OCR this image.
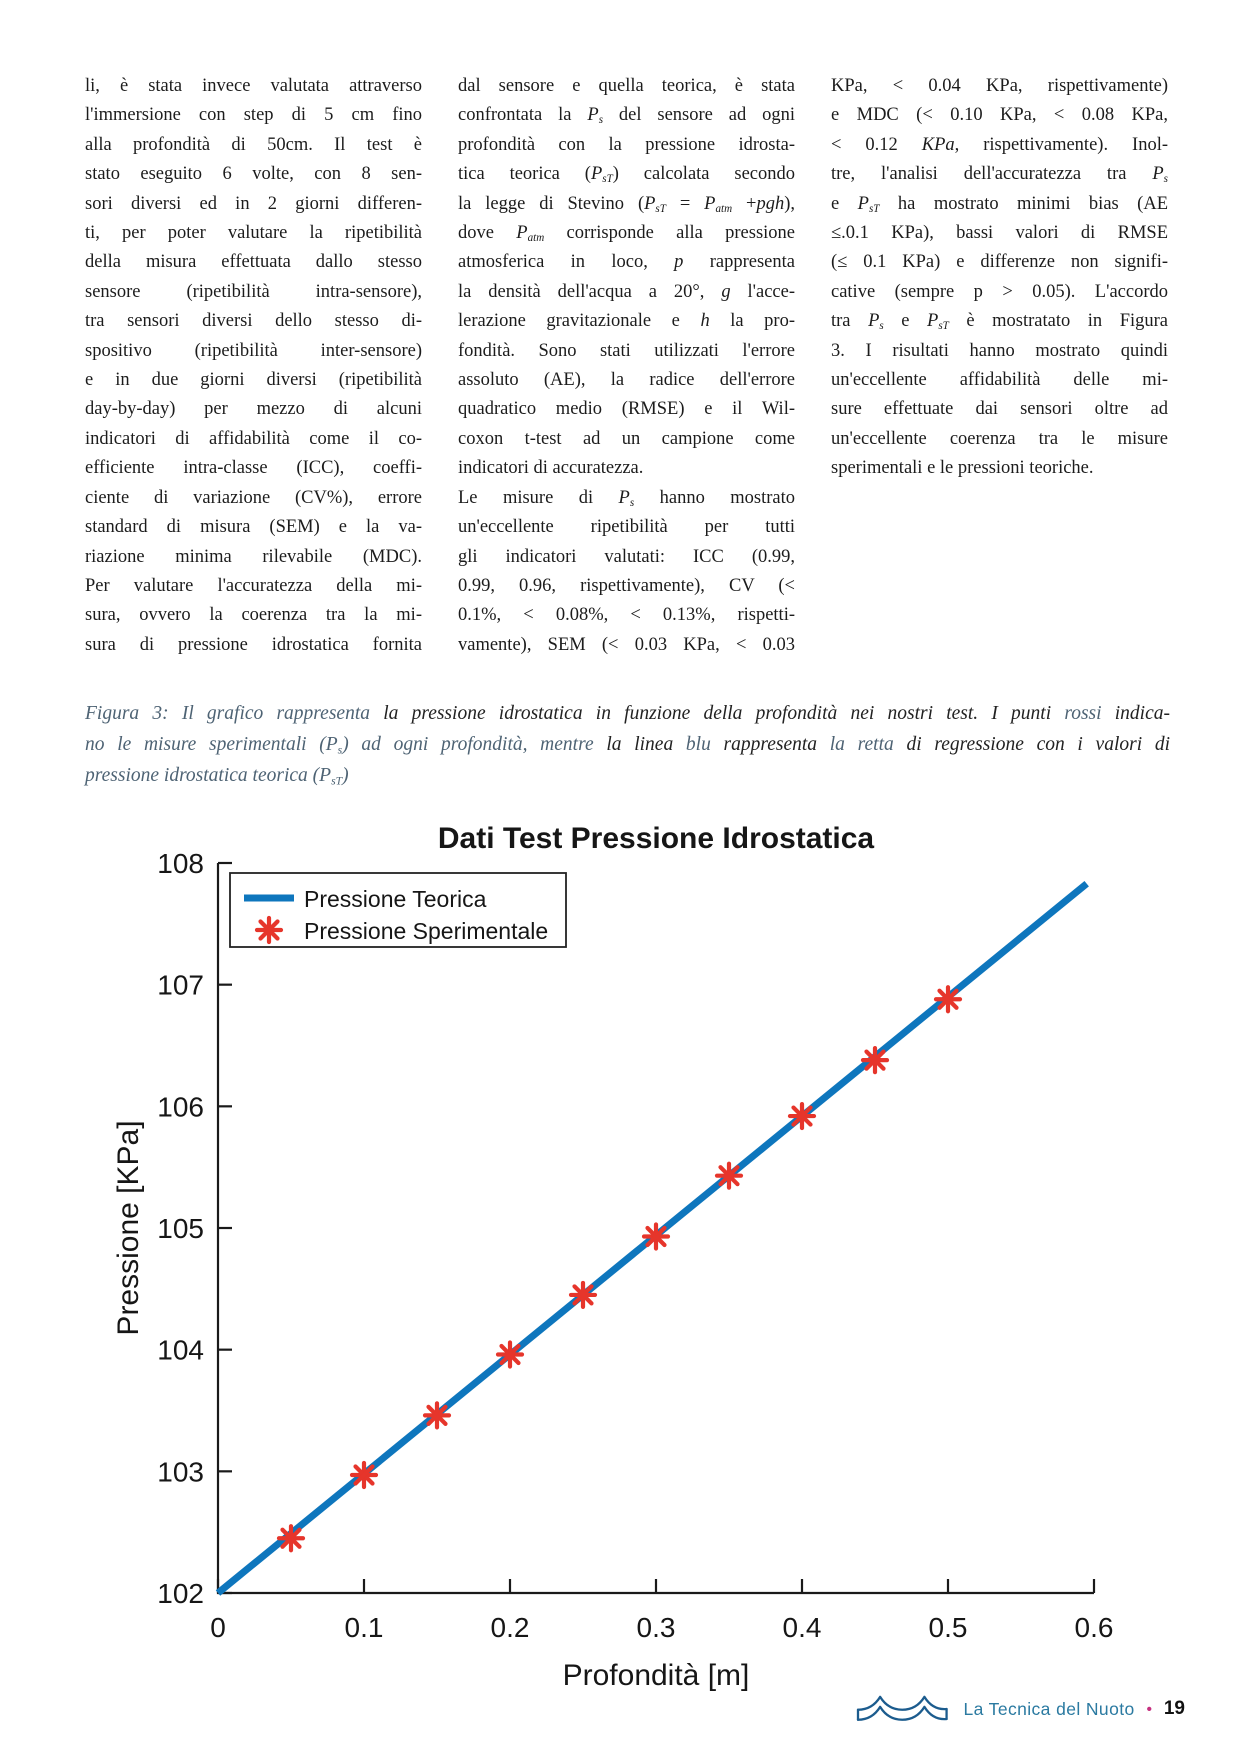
li, è stata invece valutata attraverso
l'immersione con step di 5 cm fino
alla profondità di 50cm. Il test è
stato eseguito 6 volte, con 8 sen-
sori diversi ed in 2 giorni differen-
ti, per poter valutare la ripetibilità
della misura effettuata dallo stesso
sensore (ripetibilità intra-sensore),
tra sensori diversi dello stesso di-
spositivo (ripetibilità inter-sensore)
e in due giorni diversi (ripetibilità
day-by-day) per mezzo di alcuni
indicatori di affidabilità come il co-
efficiente intra-classe (ICC), coeffi-
ciente di variazione (CV%), errore
standard di misura (SEM) e la va-
riazione minima rilevabile (MDC).
Per valutare l'accuratezza della mi-
sura, ovvero la coerenza tra la mi-
sura di pressione idrostatica fornita
dal sensore e quella teorica, è stata
confrontata la $P_s$ del sensore ad ogni
profondità con la pressione idrosta-
tica teorica $(P_{sT})$ calcolata secondo
la legge di Stevino $(P_{sT} = P_{atm} +pgh)$,
dove $P_{atm}$ corrisponde alla pressione
atmosferica in loco, p rappresenta
la densità dell'acqua a 20°, g l'acce-
lerazione gravitazionale e h la pro-
fondità. Sono stati utilizzati l'errore
assoluto (AE), la radice dell'errore
quadratico medio (RMSE) e il Wil-
coxon t-test ad un campione come
indicatori di accuratezza.
Le misure di $P_s$ hanno mostrato
un'eccellente ripetibilità per tutti
gli indicatori valutati: ICC (0.99,
0.99, 0.96, rispettivamente), CV (<
0.1%, < 0.08%, < 0.13%, rispetti-
vamente), SEM (< 0.03 KPa, < 0.03
KPa, < 0.04 KPa, rispettivamente)
e MDC (< 0.10 KPa, < 0.08 KPa,
< 0.12 KPa, rispettivamente). Inol-
tre, l'analisi dell'accuratezza tra $P_s$
e $P_{sT}$ ha mostrato minimi bias (AE
≤.0.1 KPa), bassi valori di RMSE
(≤ 0.1 KPa) e differenze non signifi-
cative (sempre p > 0.05). L'accordo
tra $P_s$ e $P_{sT}$ è mostratato in Figura
3. I risultati hanno mostrato quindi
un'eccellente affidabilità delle mi-
sure effettuate dai sensori oltre ad
un'eccellente coerenza tra le misure
sperimentali e le pressioni teoriche.
Figura 3: Il grafico rappresenta la pressione idrostatica in funzione della profondità nei nostri test. I punti rossi indica-
no le misure sperimentali $(P_s)$ ad ogni profondità, mentre la linea blu rappresenta la retta di regressione con i valori di
pressione idrostatica teorica $(P_{sT})$
Dati Test Pressione Idrostatica
102
103
104
105
106
107
108
0	0.1	0.2	0.3	0.4	0.5	0.6
Profondità [m]
Pressione [KPa]
Pressione Teorica
Pressione Sperimentale
La Tecnica del Nuoto • 19
